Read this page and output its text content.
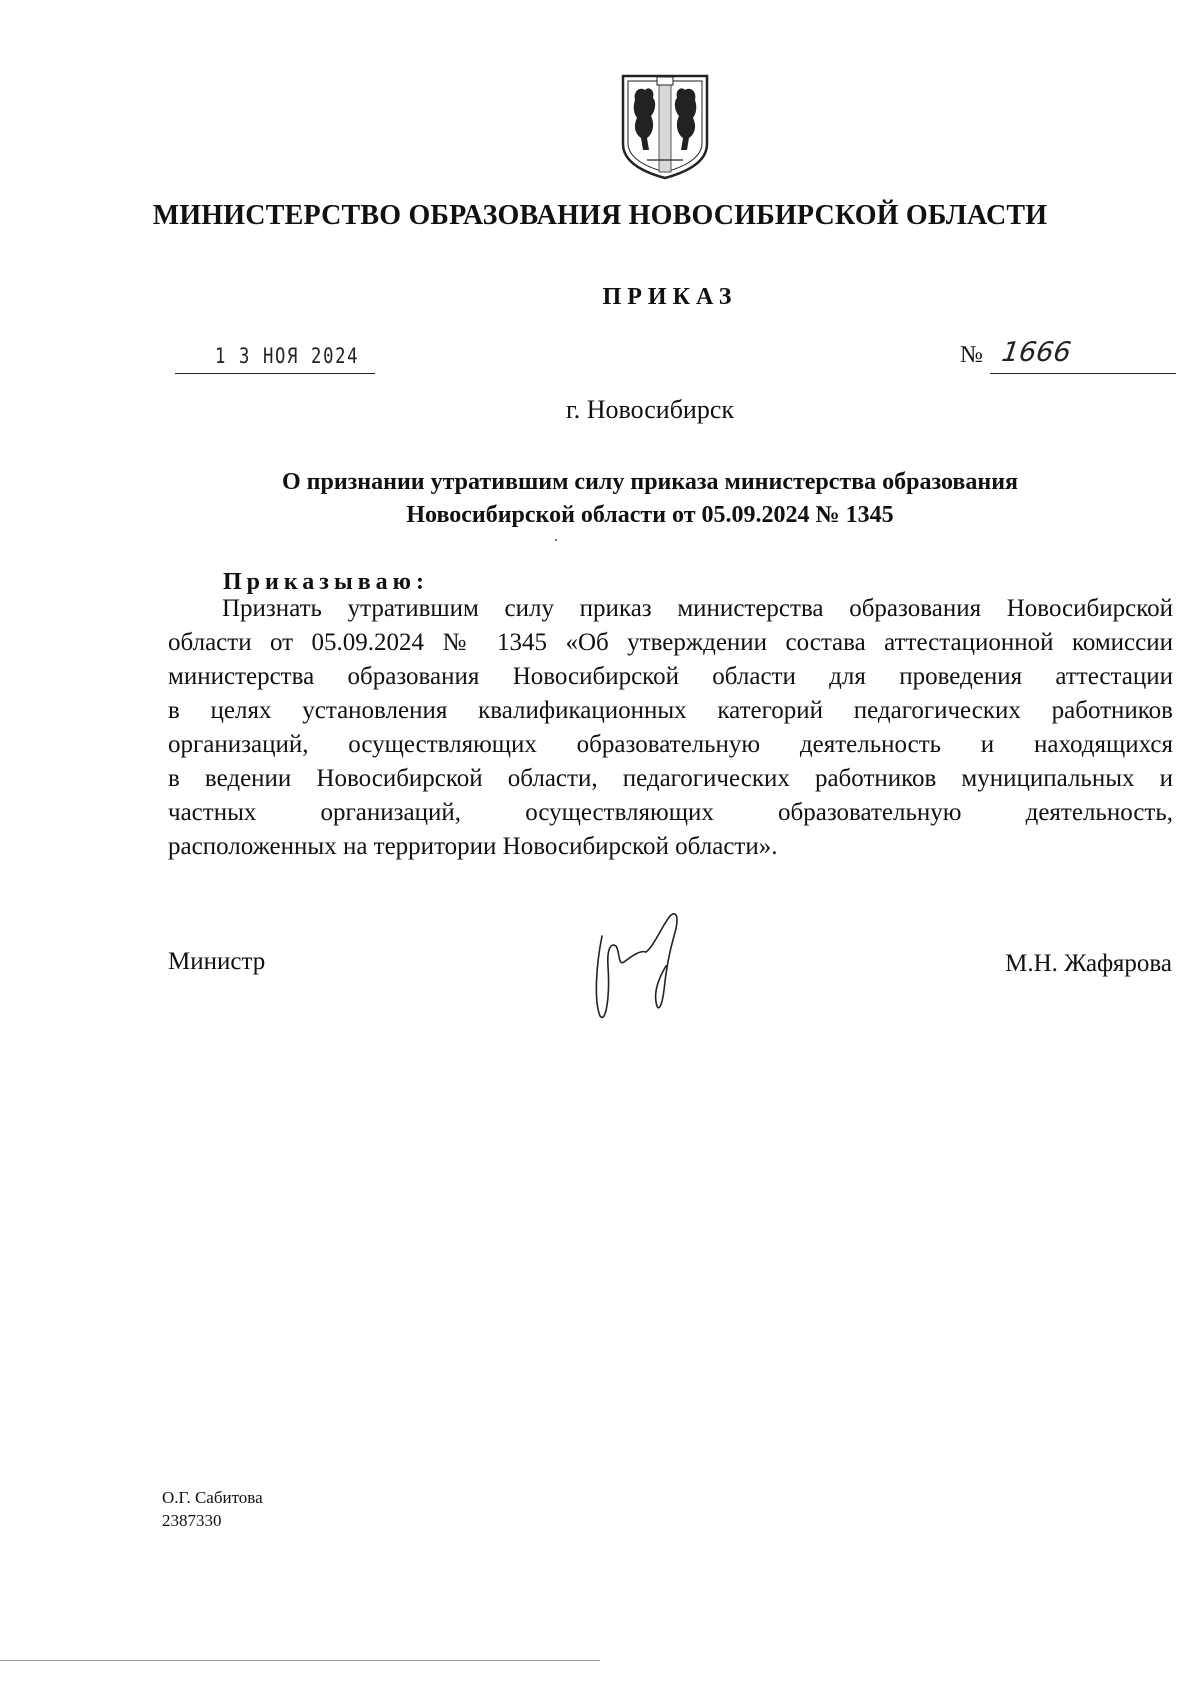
МИНИСТЕРСТВО ОБРАЗОВАНИЯ НОВОСИБИРСКОЙ ОБЛАСТИ
ПРИКАЗ
1 3 НОЯ 2024	№ 1666
г. Новосибирск
О признании утратившим силу приказа министерства образования
Новосибирской области от 05.09.2024 № 1345
Приказываю:
Признать утратившим силу приказ министерства образования Новосибирской
области от 05.09.2024 № 1345 «Об утверждении состава аттестационной комиссии
министерства образования Новосибирской области для проведения аттестации
в целях установления квалификационных категорий педагогических работников
организаций, осуществляющих образовательную деятельность и находящихся
в ведении Новосибирской области, педагогических работников муниципальных и
частных организаций, осуществляющих образовательную деятельность,
расположенных на территории Новосибирской области».
Министр	М.Н. Жафярова
О.Г. Сабитова
2387330
